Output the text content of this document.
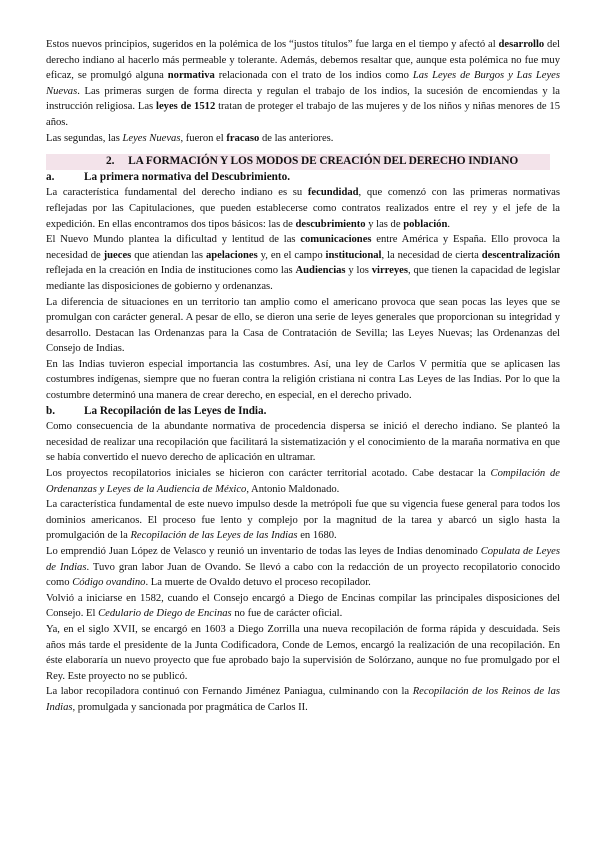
Estos nuevos principios, sugeridos en la polémica de los “justos títulos” fue larga en el tiempo y afectó al desarrollo del derecho indiano al hacerlo más permeable y tolerante. Además, debemos resaltar que, aunque esta polémica no fue muy eficaz, se promulgó alguna normativa relacionada con el trato de los indios como Las Leyes de Burgos y Las Leyes Nuevas. Las primeras surgen de forma directa y regulan el trabajo de los indios, la sucesión de encomiendas y la instrucción religiosa. Las leyes de 1512 tratan de proteger el trabajo de las mujeres y de los niños y niñas menores de 15 años.

Las segundas, las Leyes Nuevas, fueron el fracaso de las anteriores.

2. LA FORMACIÓN Y LOS MODOS DE CREACIÓN DEL DERECHO INDIANO

a.	La primera normativa del Descubrimiento.

La característica fundamental del derecho indiano es su fecundidad, que comenzó con las primeras normativas reflejadas por las Capitulaciones, que pueden establecerse como contratos realizados entre el rey y el jefe de la expedición. En ellas encontramos dos tipos básicos: las de descubrimiento y las de población.

El Nuevo Mundo plantea la dificultad y lentitud de las comunicaciones entre América y España. Ello provoca la necesidad de jueces que atiendan las apelaciones y, en el campo institucional, la necesidad de cierta descentralización reflejada en la creación en India de instituciones como las Audiencias y los virreyes, que tienen la capacidad de legislar mediante las disposiciones de gobierno y ordenanzas.

La diferencia de situaciones en un territorio tan amplio como el americano provoca que sean pocas las leyes que se promulgan con carácter general. A pesar de ello, se dieron una serie de leyes generales que proporcionan su integridad y desarrollo. Destacan las Ordenanzas para la Casa de Contratación de Sevilla; las Leyes Nuevas; las Ordenanzas del Consejo de Indias.

En las Indias tuvieron especial importancia las costumbres. Así, una ley de Carlos V permitía que se aplicasen las costumbres indígenas, siempre que no fueran contra la religión cristiana ni contra Las Leyes de las Indias. Por lo que la costumbre determinó una manera de crear derecho, en especial, en el derecho privado.

b.	La Recopilación de las Leyes de India.

Como consecuencia de la abundante normativa de procedencia dispersa se inició el derecho indiano. Se planteó la necesidad de realizar una recopilación que facilitará la sistematización y el conocimiento de la maraña normativa en que se había convertido el nuevo derecho de aplicación en ultramar.

Los proyectos recopilatorios iniciales se hicieron con carácter territorial acotado. Cabe destacar la Compilación de Ordenanzas y Leyes de la Audiencia de México, Antonio Maldonado.

La característica fundamental de este nuevo impulso desde la metrópoli fue que su vigencia fuese general para todos los dominios americanos. El proceso fue lento y complejo por la magnitud de la tarea y abarcó un siglo hasta la promulgación de la Recopilación de las Leyes de las Indias en 1680.

Lo emprendió Juan López de Velasco y reunió un inventario de todas las leyes de Indias denominado Copulata de Leyes de Indias. Tuvo gran labor Juan de Ovando. Se llevó a cabo con la redacción de un proyecto recopilatorio conocido como Código ovandino. La muerte de Ovaldo detuvo el proceso recopilador.

Volvió a iniciarse en 1582, cuando el Consejo encargó a Diego de Encinas compilar las principales disposiciones del Consejo. El Cedulario de Diego de Encinas no fue de carácter oficial.

Ya, en el siglo XVII, se encargó en 1603 a Diego Zorrilla una nueva recopilación de forma rápida y descuidada. Seis años más tarde el presidente de la Junta Codificadora, Conde de Lemos, encargó la realización de una recopilación. En éste elaboraría un nuevo proyecto que fue aprobado bajo la supervisión de Solórzano, aunque no fue promulgado por el Rey. Este proyecto no se publicó.

La labor recopiladora continuó con Fernando Jiménez Paniagua, culminando con la Recopilación de los Reinos de las Indias, promulgada y sancionada por pragmática de Carlos II.
